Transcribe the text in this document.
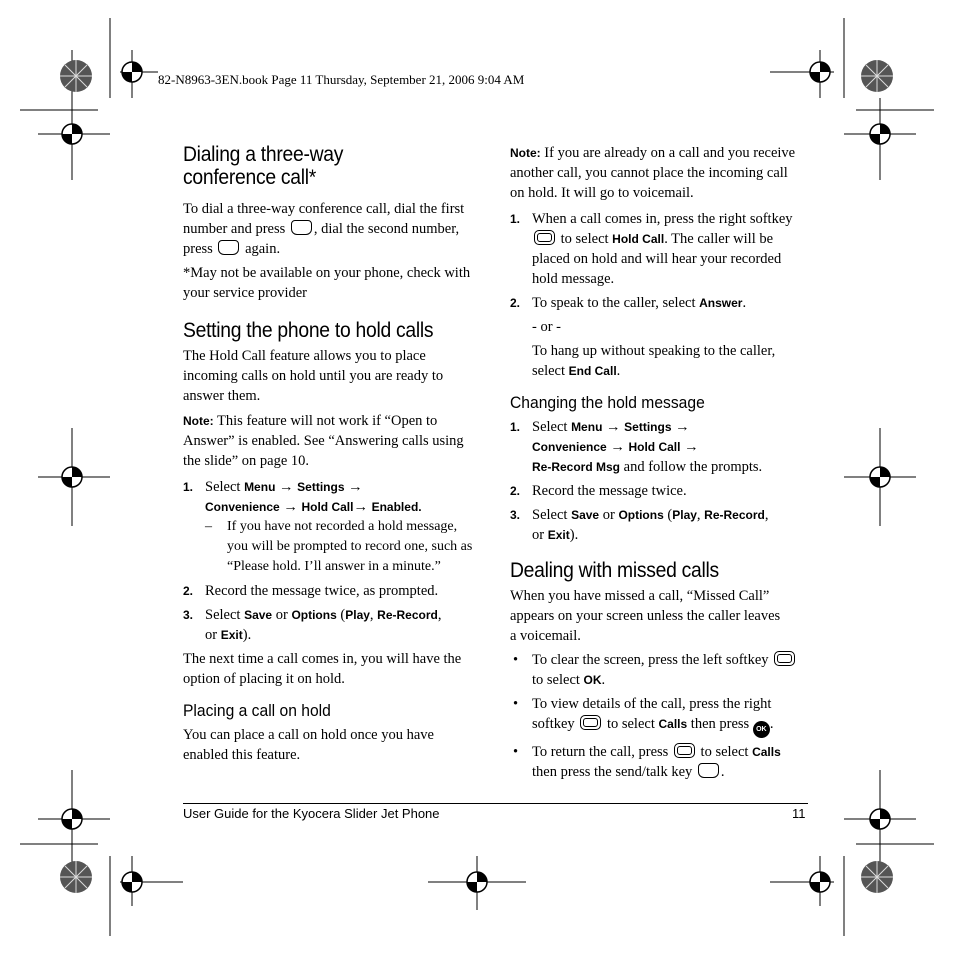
82-N8963-3EN.book Page 11 Thursday, September 21, 2006 9:04 AM
Dialing a three-way
conference call*

To dial a three-way conference call, dial the first
number and press , dial the second number,
press again.

*May not be available on your phone, check with
your service provider

Setting the phone to hold calls

The Hold Call feature allows you to place
incoming calls on hold until you are ready to
answer them.

Note: This feature will not work if “Open to
Answer” is enabled. See “Answering calls using
the slide” on page 10.

1. Select Menu → Settings →
Convenience → Hold Call→ Enabled.
– If you have not recorded a hold message,
you will be prompted to record one, such as
“Please hold. I’ll answer in a minute.”
2. Record the message twice, as prompted.
3. Select Save or Options (Play, Re-Record,
or Exit).

The next time a call comes in, you will have the
option of placing it on hold.

Placing a call on hold

You can place a call on hold once you have
enabled this feature.

Note: If you are already on a call and you receive
another call, you cannot place the incoming call
on hold. It will go to voicemail.

1. When a call comes in, press the right softkey
to select Hold Call. The caller will be
placed on hold and will hear your recorded
hold message.
2. To speak to the caller, select Answer.
- or -
To hang up without speaking to the caller,
select End Call.
Changing the hold message
1. Select Menu → Settings →
Convenience → Hold Call →
Re-Record Msg and follow the prompts.
2. Record the message twice.
3. Select Save or Options (Play, Re-Record,
or Exit).
Dealing with missed calls

When you have missed a call, “Missed Call”
appears on your screen unless the caller leaves
a voicemail.

• To clear the screen, press the left softkey
to select OK.
• To view details of the call, press the right
softkey to select Calls then press OK .
• To return the call, press to select Calls
then press the send/talk key .
User Guide for the Kyocera Slider Jet Phone	11
